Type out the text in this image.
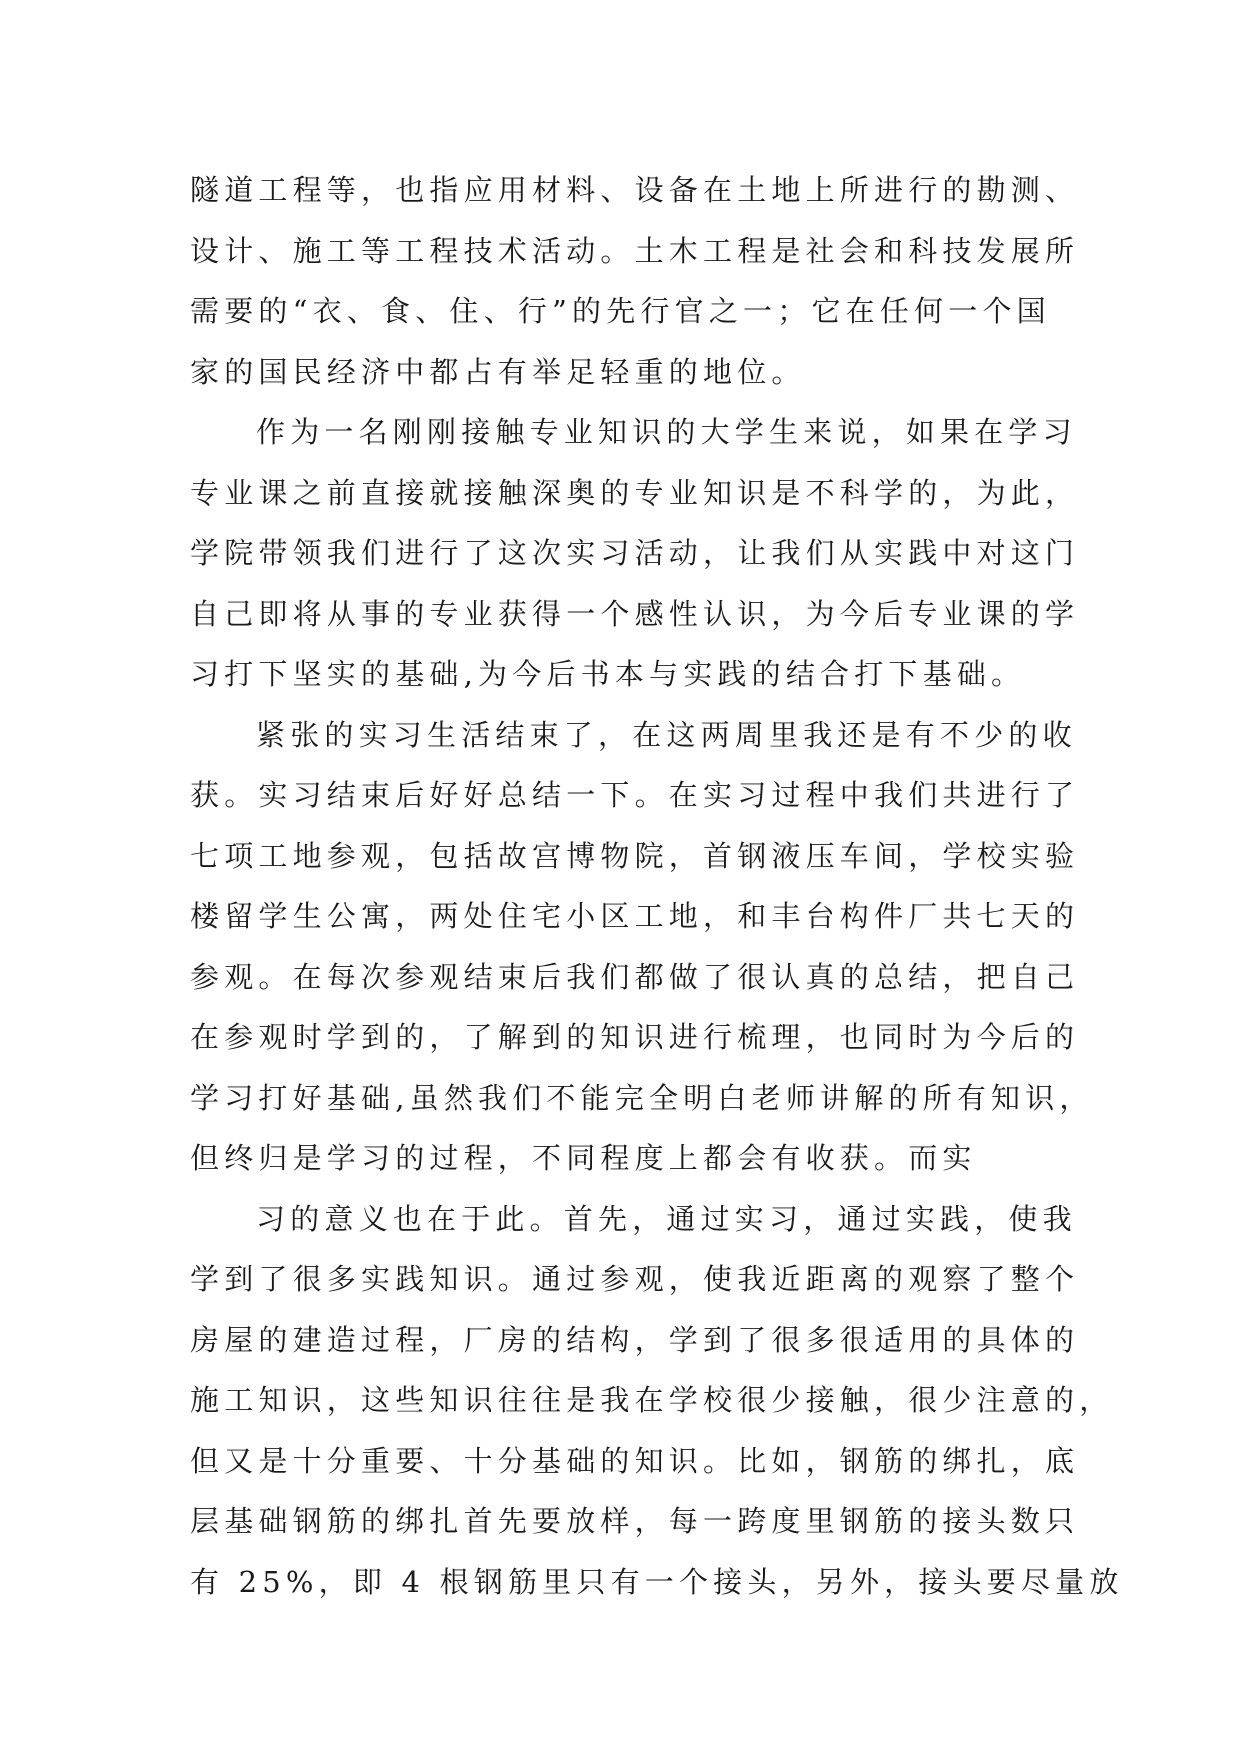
隧道工程等，也指应用材料、设备在土地上所进行的勘测、
设计、施工等工程技术活动。土木工程是社会和科技发展所
需要的“衣、食、住、行”的先行官之一；它在任何一个国
家的国民经济中都占有举足轻重的地位。
作为一名刚刚接触专业知识的大学生来说，如果在学习
专业课之前直接就接触深奥的专业知识是不科学的，为此，
学院带领我们进行了这次实习活动，让我们从实践中对这门
自己即将从事的专业获得一个感性认识，为今后专业课的学
习打下坚实的基础,为今后书本与实践的结合打下基础。
紧张的实习生活结束了，在这两周里我还是有不少的收
获。实习结束后好好总结一下。在实习过程中我们共进行了
七项工地参观，包括故宫博物院，首钢液压车间，学校实验
楼留学生公寓，两处住宅小区工地，和丰台构件厂共七天的
参观。在每次参观结束后我们都做了很认真的总结，把自己
在参观时学到的，了解到的知识进行梳理，也同时为今后的
学习打好基础,虽然我们不能完全明白老师讲解的所有知识，
但终归是学习的过程，不同程度上都会有收获。而实
习的意义也在于此。首先，通过实习，通过实践，使我
学到了很多实践知识。通过参观，使我近距离的观察了整个
房屋的建造过程，厂房的结构，学到了很多很适用的具体的
施工知识，这些知识往往是我在学校很少接触，很少注意的，
但又是十分重要、十分基础的知识。比如，钢筋的绑扎，底
层基础钢筋的绑扎首先要放样，每一跨度里钢筋的接头数只
有 25%，即 4 根钢筋里只有一个接头，另外，接头要尽量放
